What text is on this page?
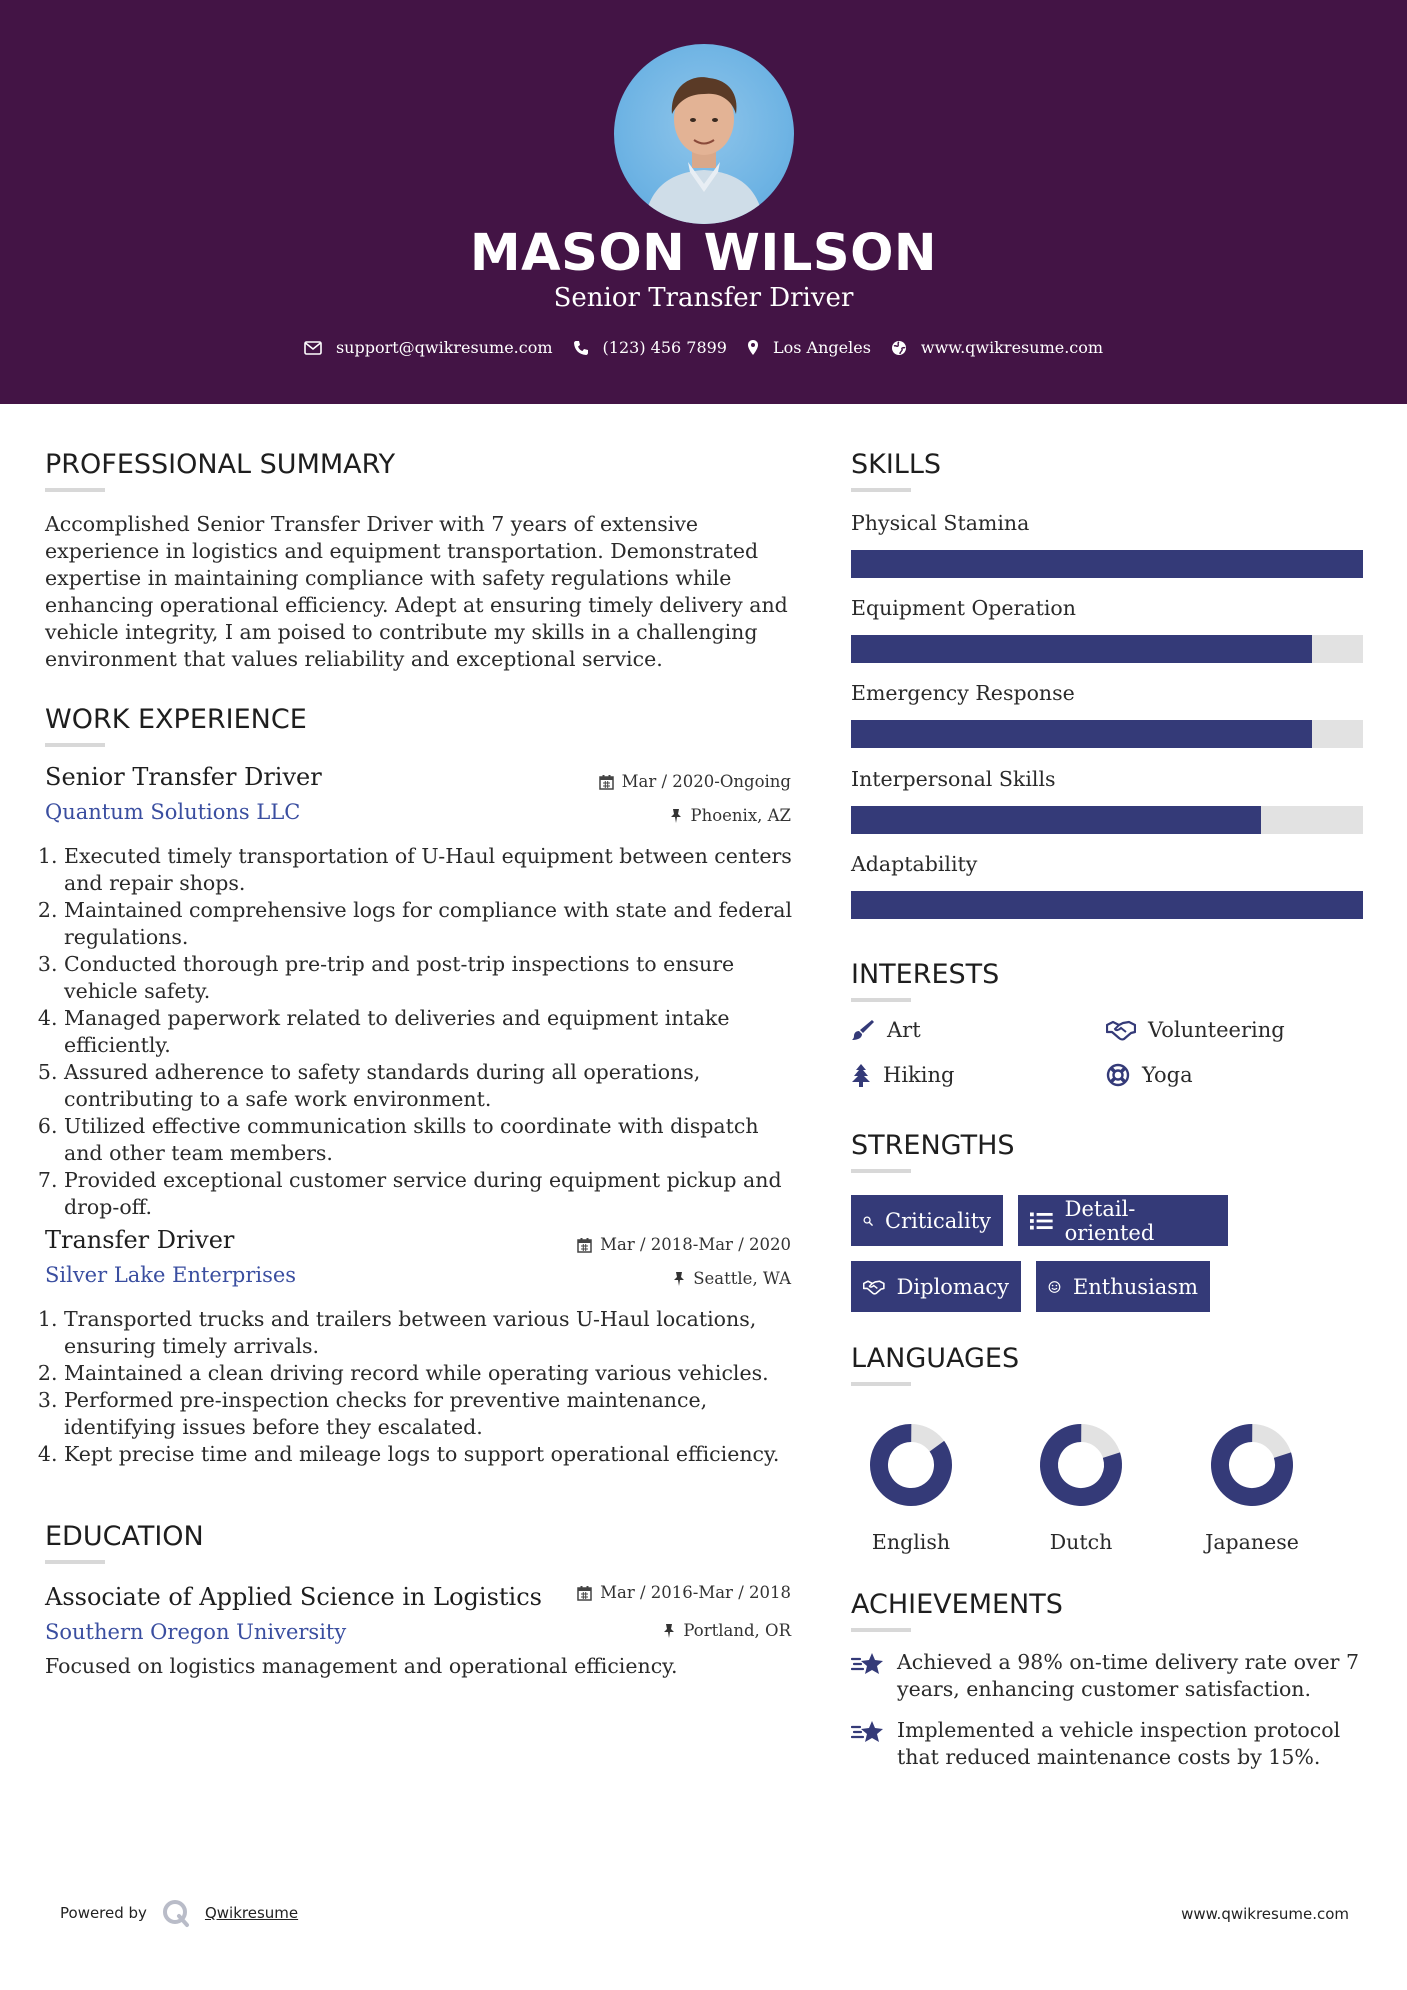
MASON WILSON
Senior Transfer Driver
support@qwikresume.com	(123) 456 7899	Los Angeles	www.qwikresume.com
PROFESSIONAL SUMMARY
Accomplished Senior Transfer Driver with 7 years of extensive experience in logistics and equipment transportation. Demonstrated expertise in maintaining compliance with safety regulations while enhancing operational efficiency. Adept at ensuring timely delivery and vehicle integrity, I am poised to contribute my skills in a challenging environment that values reliability and exceptional service.
WORK EXPERIENCE
Senior Transfer Driver
Quantum Solutions LLC
Mar / 2020-Ongoing
Phoenix, AZ
1. Executed timely transportation of U-Haul equipment between centers and repair shops.
2. Maintained comprehensive logs for compliance with state and federal regulations.
3. Conducted thorough pre-trip and post-trip inspections to ensure vehicle safety.
4. Managed paperwork related to deliveries and equipment intake efficiently.
5. Assured adherence to safety standards during all operations, contributing to a safe work environment.
6. Utilized effective communication skills to coordinate with dispatch and other team members.
7. Provided exceptional customer service during equipment pickup and drop-off.
Transfer Driver
Silver Lake Enterprises
Mar / 2018-Mar / 2020
Seattle, WA
1. Transported trucks and trailers between various U-Haul locations, ensuring timely arrivals.
2. Maintained a clean driving record while operating various vehicles.
3. Performed pre-inspection checks for preventive maintenance, identifying issues before they escalated.
4. Kept precise time and mileage logs to support operational efficiency.
EDUCATION
Associate of Applied Science in Logistics
Southern Oregon University
Mar / 2016-Mar / 2018
Portland, OR
Focused on logistics management and operational efficiency.
SKILLS
Physical Stamina
Equipment Operation
Emergency Response
Interpersonal Skills
Adaptability
INTERESTS
Art	Volunteering
Hiking	Yoga
STRENGTHS
Criticality	Detail-oriented
Diplomacy	Enthusiasm
LANGUAGES
English	Dutch	Japanese
ACHIEVEMENTS
Achieved a 98% on-time delivery rate over 7 years, enhancing customer satisfaction.
Implemented a vehicle inspection protocol that reduced maintenance costs by 15%.
Powered by	Qwikresume	www.qwikresume.com
